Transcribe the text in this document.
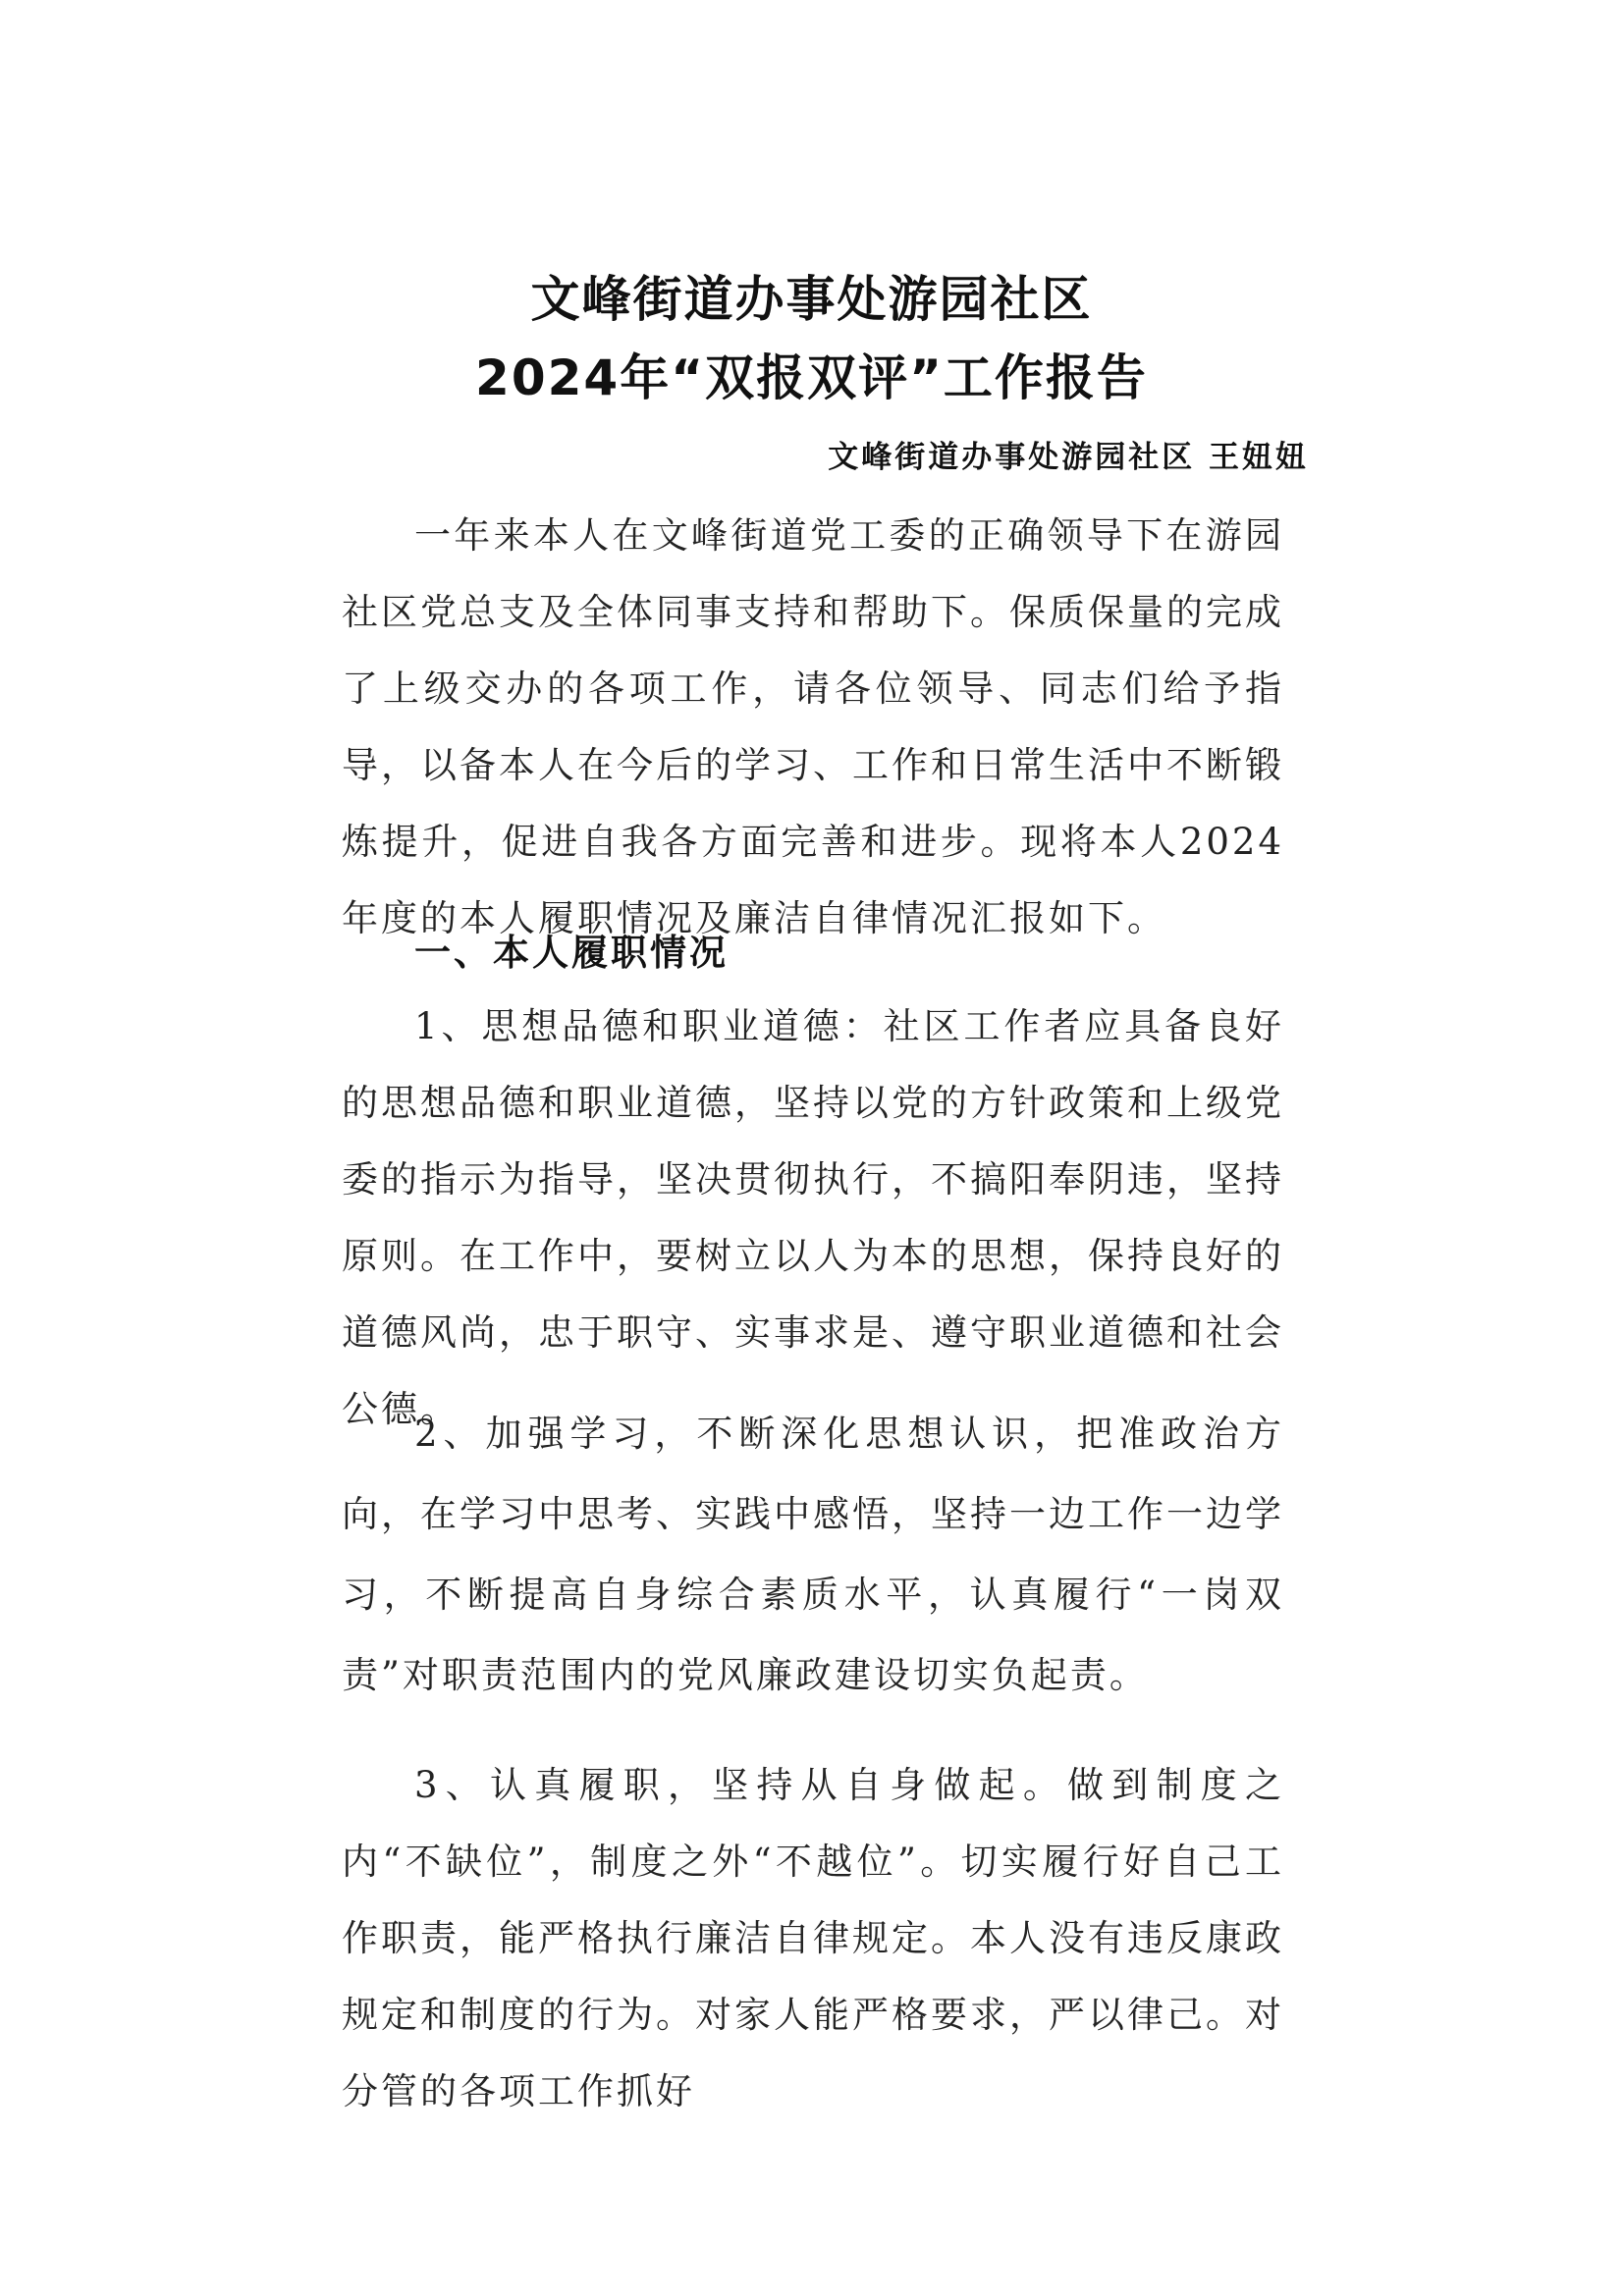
文峰街道办事处游园社区
2024年“双报双评”工作报告
文峰街道办事处游园社区 王妞妞

一年来本人在文峰街道党工委的正确领导下在游园社区党总支及全体同事支持和帮助下。保质保量的完成了上级交办的各项工作，请各位领导、同志们给予指导，以备本人在今后的学习、工作和日常生活中不断锻炼提升，促进自我各方面完善和进步。现将本人2024年度的本人履职情况及廉洁自律情况汇报如下。

一、本人履职情况

1、思想品德和职业道德：社区工作者应具备良好的思想品德和职业道德，坚持以党的方针政策和上级党委的指示为指导，坚决贯彻执行，不搞阳奉阴违，坚持原则。在工作中，要树立以人为本的思想，保持良好的道德风尚，忠于职守、实事求是、遵守职业道德和社会公德。

2、加强学习，不断深化思想认识，把准政治方向，在学习中思考、实践中感悟，坚持一边工作一边学习，不断提高自身综合素质水平，认真履行“一岗双责”对职责范围内的党风廉政建设切实负起责。

3、认真履职，坚持从自身做起。做到制度之内“不缺位”，制度之外“不越位”。切实履行好自己工作职责，能严格执行廉洁自律规定。本人没有违反康政规定和制度的行为。对家人能严格要求，严以律己。对分管的各项工作抓好
